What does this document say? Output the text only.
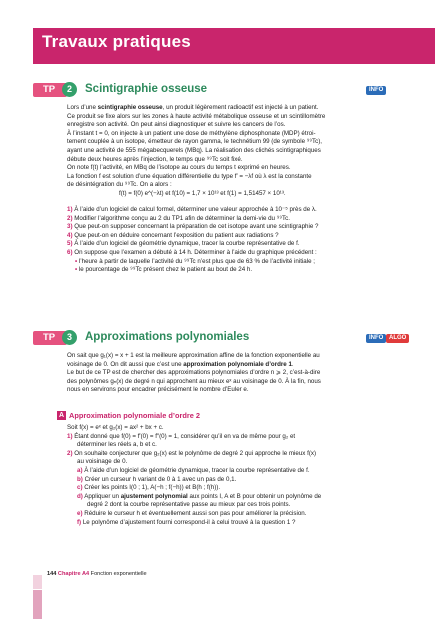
Travaux pratiques
TP	2	Scintigraphie osseuse	INFO
Lors d’une scintigraphie osseuse, un produit légèrement radioactif est injecté à un patient.
Ce produit se fixe alors sur les zones à haute activité métabolique osseuse et un scintillomètre
enregistre son activité. On peut ainsi diagnostiquer et suivre les cancers de l’os.
À l’instant t = 0, on injecte à un patient une dose de méthylène diphosphonate (MDP) étroi-
tement couplée à un isotope, émetteur de rayon gamma, le technétium 99 (de symbole ⁹⁹Tc),
ayant une activité de 555 mégabecquerels (MBq). La réalisation des clichés scintigraphiques
débute deux heures après l’injection, le temps que ⁹⁹Tc soit fixé.
On note f(t) l’activité, en MBq de l’isotope au cours du temps t exprimé en heures.
La fonction f est solution d’une équation différentielle du type f′ = −λf où λ est la constante
de désintégration du ⁹⁹Tc. On a alors :
f(t) = f(0) e^(−λt) et f(10) = 1,7 × 10¹³ et f(1) = 1,51457 × 10¹³.
1) À l’aide d’un logiciel de calcul formel, déterminer une valeur approchée à 10⁻⁵ près de λ.
2) Modifier l’algorithme conçu au 2 du TP1 afin de déterminer la demi-vie du ⁹⁹Tc.
3) Que peut-on supposer concernant la préparation de cet isotope avant une scintigraphie ?
4) Que peut-on en déduire concernant l’exposition du patient aux radiations ?
5) À l’aide d’un logiciel de géométrie dynamique, tracer la courbe représentative de f.
6) On suppose que l’examen a débuté à 14 h. Déterminer à l’aide du graphique précédent :
• l’heure à partir de laquelle l’activité du ⁹⁹Tc n’est plus que de 63 % de l’activité initiale ;
• le pourcentage de ⁹⁹Tc présent chez le patient au bout de 24 h.
TP	3	Approximations polynomiales	INFO ALGO
On sait que g₁(x) = x + 1 est la meilleure approximation affine de la fonction exponentielle au
voisinage de 0. On dit aussi que c’est une approximation polynomiale d’ordre 1.
Le but de ce TP est de chercher des approximations polynomiales d’ordre n ⩾ 2, c’est-à-dire
des polynômes gₙ(x) de degré n qui approchent au mieux eˣ au voisinage de 0. À la fin, nous
nous en servirons pour encadrer précisément le nombre d’Euler e.
A Approximation polynomiale d’ordre 2
Soit f(x) = eˣ et g₂(x) = ax² + bx + c.
1) Étant donné que f(0) = f′(0) = f″(0) = 1, considérer qu’il en va de même pour g₂ et
déterminer les réels a, b et c.
2) On souhaite conjecturer que g₂(x) est le polynôme de degré 2 qui approche le mieux f(x)
au voisinage de 0.
a) À l’aide d’un logiciel de géométrie dynamique, tracer la courbe représentative de f.
b) Créer un curseur h variant de 0 à 1 avec un pas de 0,1.
c) Créer les points I(0 ; 1), A(−h ; f(−h)) et B(h ; f(h)).
d) Appliquer un ajustement polynomial aux points I, A et B pour obtenir un polynôme de
degré 2 dont la courbe représentative passe au mieux par ces trois points.
e) Réduire le curseur h et éventuellement aussi son pas pour améliorer la précision.
f) Le polynôme d’ajustement fourni correspond-il à celui trouvé à la question 1 ?
144 Chapitre A4 Fonction exponentielle
